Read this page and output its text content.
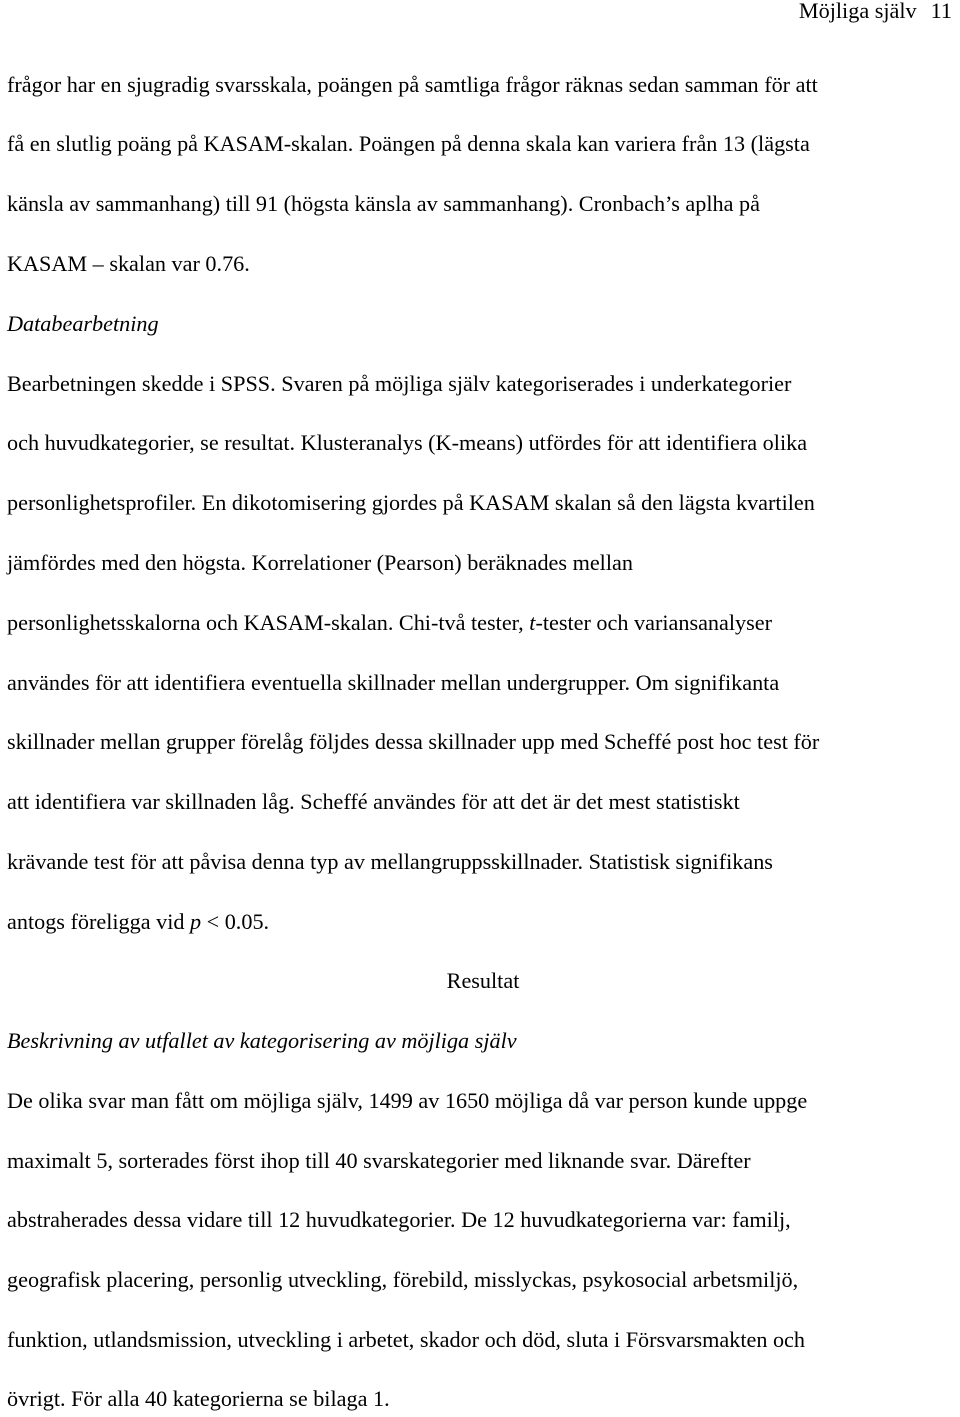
Möjliga själv 11
frågor har en sjugradig svarsskala, poängen på samtliga frågor räknas sedan samman för att
få en slutlig poäng på KASAM-skalan. Poängen på denna skala kan variera från 13 (lägsta
känsla av sammanhang) till 91 (högsta känsla av sammanhang). Cronbach’s aplha på
KASAM – skalan var 0.76.
Databearbetning
Bearbetningen skedde i SPSS. Svaren på möjliga själv kategoriserades i underkategorier
och huvudkategorier, se resultat. Klusteranalys (K-means) utfördes för att identifiera olika
personlighetsprofiler. En dikotomisering gjordes på KASAM skalan så den lägsta kvartilen
jämfördes med den högsta. Korrelationer (Pearson) beräknades mellan
personlighetsskalorna och KASAM-skalan. Chi-två tester, t-tester och variansanalyser
användes för att identifiera eventuella skillnader mellan undergrupper. Om signifikanta
skillnader mellan grupper förelåg följdes dessa skillnader upp med Scheffé post hoc test för
att identifiera var skillnaden låg. Scheffé användes för att det är det mest statistiskt
krävande test för att påvisa denna typ av mellangruppsskillnader. Statistisk signifikans
antogs föreligga vid p < 0.05.
Resultat
Beskrivning av utfallet av kategorisering av möjliga själv
De olika svar man fått om möjliga själv, 1499 av 1650 möjliga då var person kunde uppge
maximalt 5, sorterades först ihop till 40 svarskategorier med liknande svar. Därefter
abstraherades dessa vidare till 12 huvudkategorier. De 12 huvudkategorierna var: familj,
geografisk placering, personlig utveckling, förebild, misslyckas, psykosocial arbetsmiljö,
funktion, utlandsmission, utveckling i arbetet, skador och död, sluta i Försvarsmakten och
övrigt. För alla 40 kategorierna se bilaga 1.
